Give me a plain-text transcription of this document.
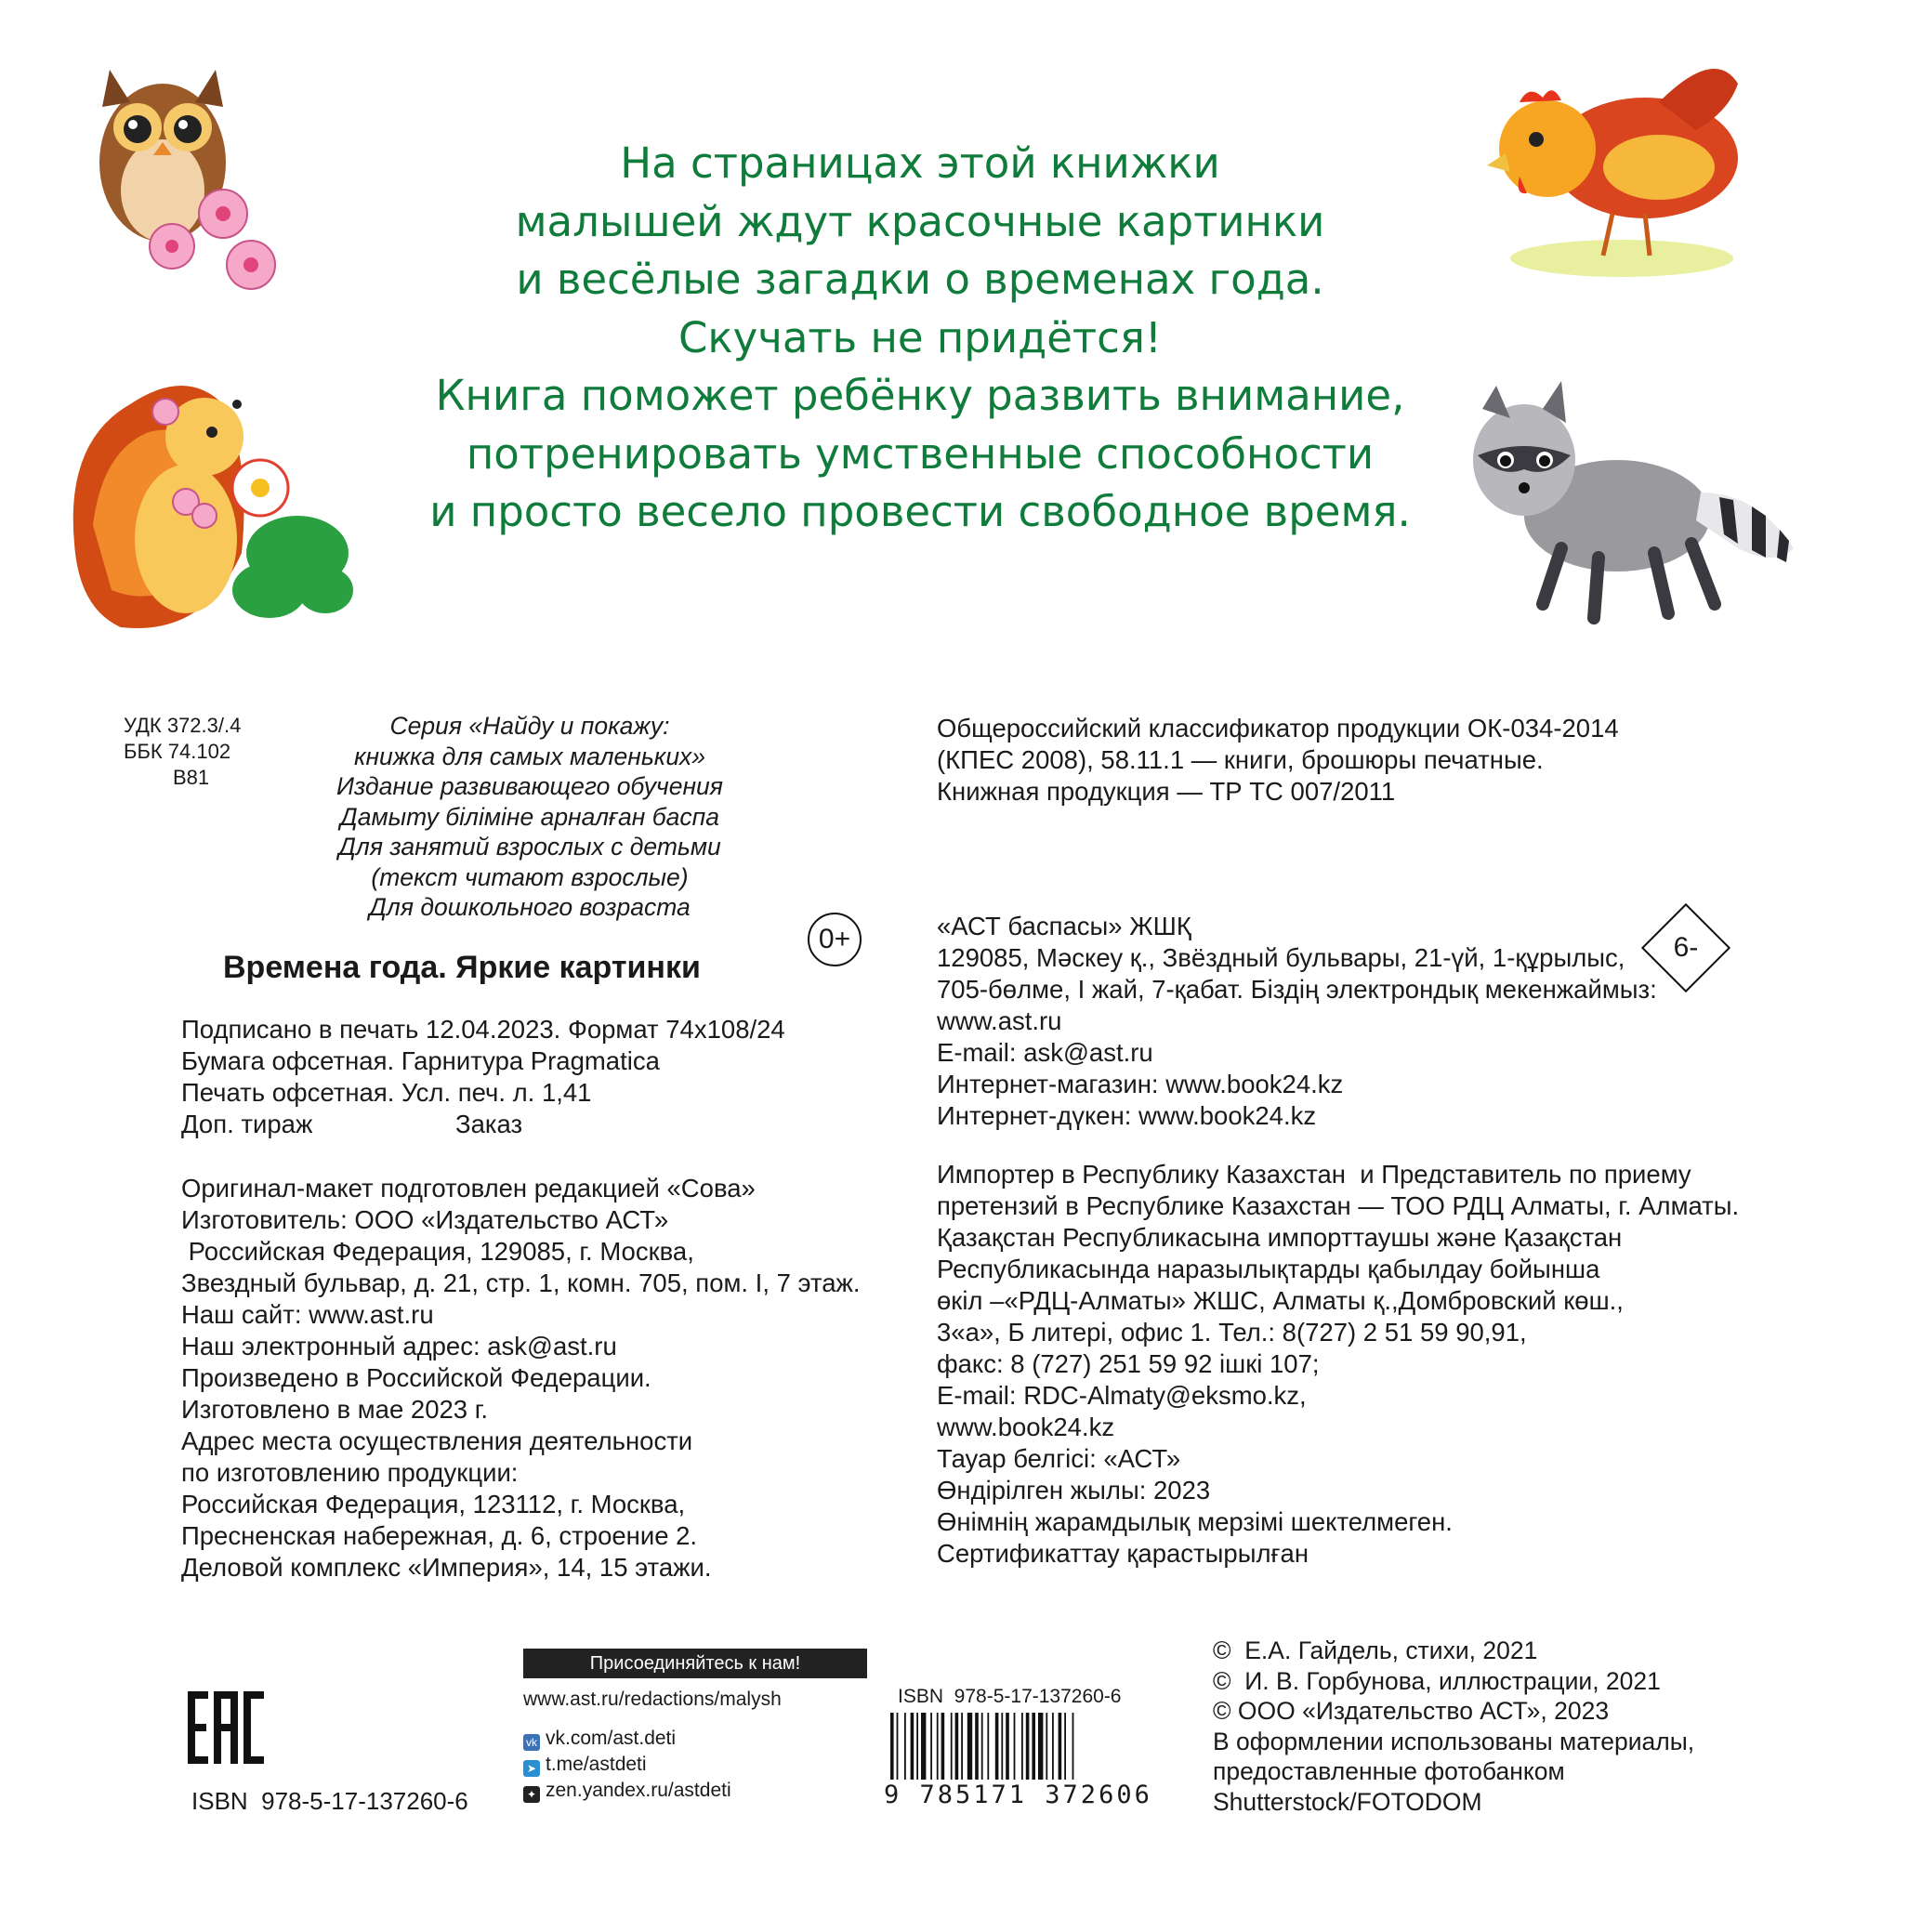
На страницах этой книжки
малышей ждут красочные картинки
и весёлые загадки о временах года.
Скучать не придётся!
Книга поможет ребёнку развить внимание,
потренировать умственные способности
и просто весело провести свободное время.
УДК 372.3/.4
ББК 74.102
В81
Серия «Найду и покажу:
книжка для самых маленьких»
Издание развивающего обучения
Дамыту біліміне арналған баспа
Для занятий взрослых с детьми
(текст читают взрослые)
Для дошкольного возраста
0+
Времена года. Яркие картинки
Подписано в печать 12.04.2023. Формат 74x108/24
Бумага офсетная. Гарнитура Pragmatica
Печать офсетная. Усл. печ. л. 1,41
Доп. тираж	Заказ
Оригинал-макет подготовлен редакцией «Сова»
Изготовитель: ООО «Издательство АСТ»
Российская Федерация, 129085, г. Москва,
Звездный бульвар, д. 21, стр. 1, комн. 705, пом. I, 7 этаж.
Наш сайт: www.ast.ru
Наш электронный адрес: ask@ast.ru
Произведено в Российской Федерации.
Изготовлено в мае 2023 г.
Адрес места осуществления деятельности
по изготовлению продукции:
Российская Федерация, 123112, г. Москва,
Пресненская набережная, д. 6, строение 2.
Деловой комплекс «Империя», 14, 15 этажи.
Общероссийский классификатор продукции ОК-034-2014
(КПЕС 2008), 58.11.1 — книги, брошюры печатные.
Книжная продукция — ТР ТС 007/2011
«АСТ баспасы» ЖШҚ
129085, Мәскеу қ., Звёздный бульвары, 21-үй, 1-құрылыс,
705-бөлме, I жай, 7-қабат. Біздің электрондық мекенжаймыз:
www.ast.ru
E-mail: ask@ast.ru
Интернет-магазин: www.book24.kz
Интернет-дүкен: www.book24.kz
6-
Импортер в Республику Казахстан  и Представитель по приему
претензий в Республике Казахстан — ТОО РДЦ Алматы, г. Алматы.
Қазақстан Республикасына импорттаушы және Қазақстан
Республикасында наразылықтарды қабылдау бойынша
өкіл –«РДЦ-Алматы» ЖШС, Алматы қ.,Домбровский көш.,
3«а», Б литері, офис 1. Тел.: 8(727) 2 51 59 90,91,
факс: 8 (727) 251 59 92 ішкі 107;
E-mail: RDC-Almaty@eksmo.kz,
www.book24.kz
Тауар белгісі: «АСТ»
Өндірілген жылы: 2023
Өнімнің жарамдылық мерзімі шектелмеген.
Сертификаттау қарастырылған
ISBN  978-5-17-137260-6
Присоединяйтесь к нам!
www.ast.ru/redactions/malysh
vk vk.com/ast.deti
➤ t.me/astdeti
✦ zen.yandex.ru/astdeti
ISBN  978-5-17-137260-6
9 785171 372606
©  Е.А. Гайдель, стихи, 2021
©  И. В. Горбунова, иллюстрации, 2021
© ООО «Издательство АСТ», 2023
В оформлении использованы материалы,
предоставленные фотобанком
Shutterstock/FOTODOM
